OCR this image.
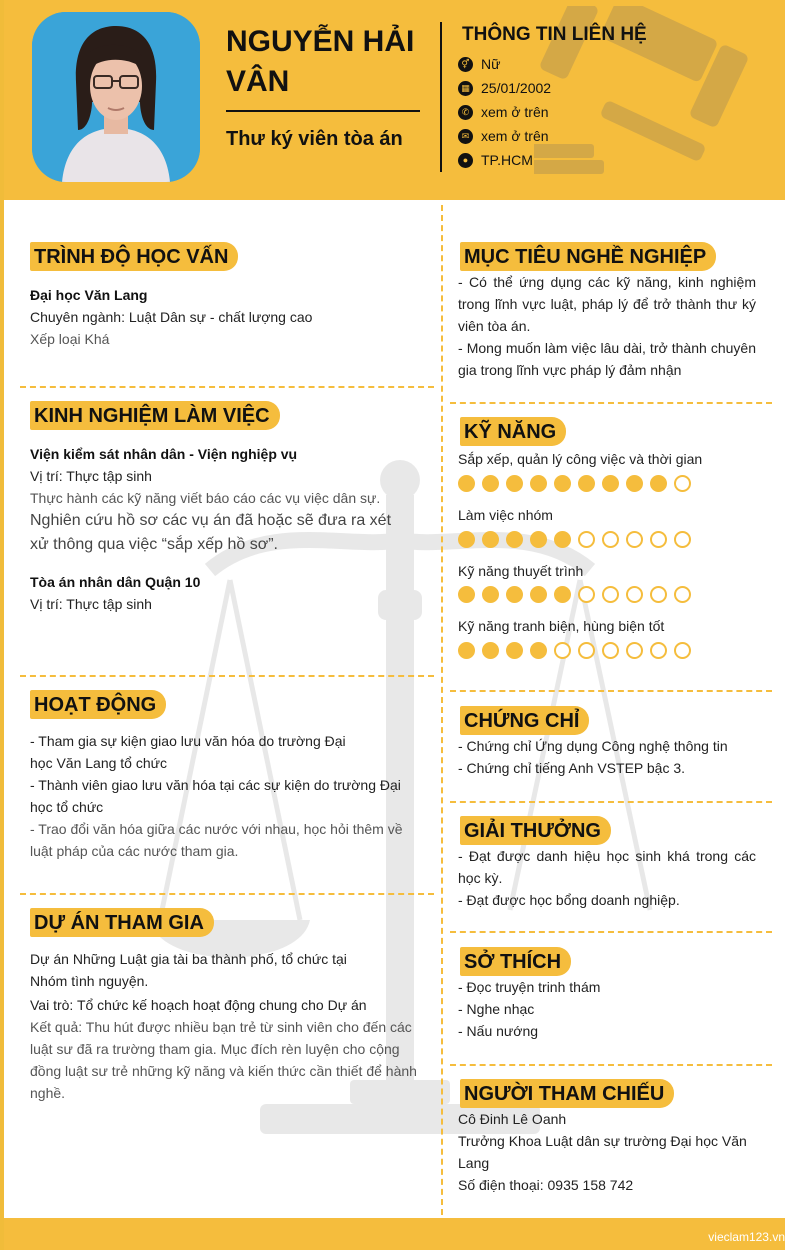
NGUYỄN HẢI VÂN
Thư ký viên tòa án
THÔNG TIN LIÊN HỆ
⚥ Nữ
▦ 25/01/2002
✆ xem ở trên
✉ xem ở trên
● TP.HCM
TRÌNH ĐỘ HỌC VẤN

Đại học Văn Lang

Chuyên ngành: Luật Dân sự - chất lượng cao

Xếp loại Khá

KINH NGHIỆM LÀM VIỆC

Viện kiểm sát nhân dân - Viện nghiệp vụ

Vị trí: Thực tập sinh

Thực hành các kỹ năng viết báo cáo các vụ việc dân sự.

Nghiên cứu hồ sơ các vụ án đã hoặc sẽ đưa ra xét xử thông qua việc “sắp xếp hồ sơ”.

Tòa án nhân dân Quận 10

Vị trí: Thực tập sinh

HOẠT ĐỘNG

- Tham gia sự kiện giao lưu văn hóa do trường Đại học Văn Lang tổ chức

- Thành viên giao lưu văn hóa tại các sự kiện do trường Đại học tổ chức

- Trao đổi văn hóa giữa các nước với nhau, học hỏi thêm về luật pháp của các nước tham gia.

DỰ ÁN THAM GIA

Dự án Những Luật gia tài ba thành phố, tổ chức tại Nhóm tình nguyện.

Vai trò: Tổ chức kế hoạch hoạt động chung cho Dự án

Kết quả: Thu hút được nhiều bạn trẻ từ sinh viên cho đến các luật sư đã ra trường tham gia. Mục đích rèn luyện cho cộng đồng luật sư trẻ những kỹ năng và kiến thức cần thiết để hành nghề.

MỤC TIÊU NGHỀ NGHIỆP

- Có thể ứng dụng các kỹ năng, kinh nghiệm trong lĩnh vực luật, pháp lý để trở thành thư ký viên tòa án.

- Mong muốn làm việc lâu dài, trở thành chuyên gia trong lĩnh vực pháp lý đảm nhận

KỸ NĂNG
Sắp xếp, quản lý công việc và thời gian
Làm việc nhóm
Kỹ năng thuyết trình
Kỹ năng tranh biện, hùng biện tốt
CHỨNG CHỈ

- Chứng chỉ Ứng dụng Công nghệ thông tin

- Chứng chỉ tiếng Anh VSTEP bậc 3.

GIẢI THƯỞNG

- Đạt được danh hiệu học sinh khá trong các học kỳ.

- Đạt được học bổng doanh nghiệp.

SỞ THÍCH

- Đọc truyện trinh thám

- Nghe nhạc

- Nấu nướng

NGƯỜI THAM CHIẾU

Cô Đinh Lê Oanh

Trưởng Khoa Luật dân sự trường Đại học Văn Lang

Số điện thoại: 0935 158 742

vieclam123.vn
